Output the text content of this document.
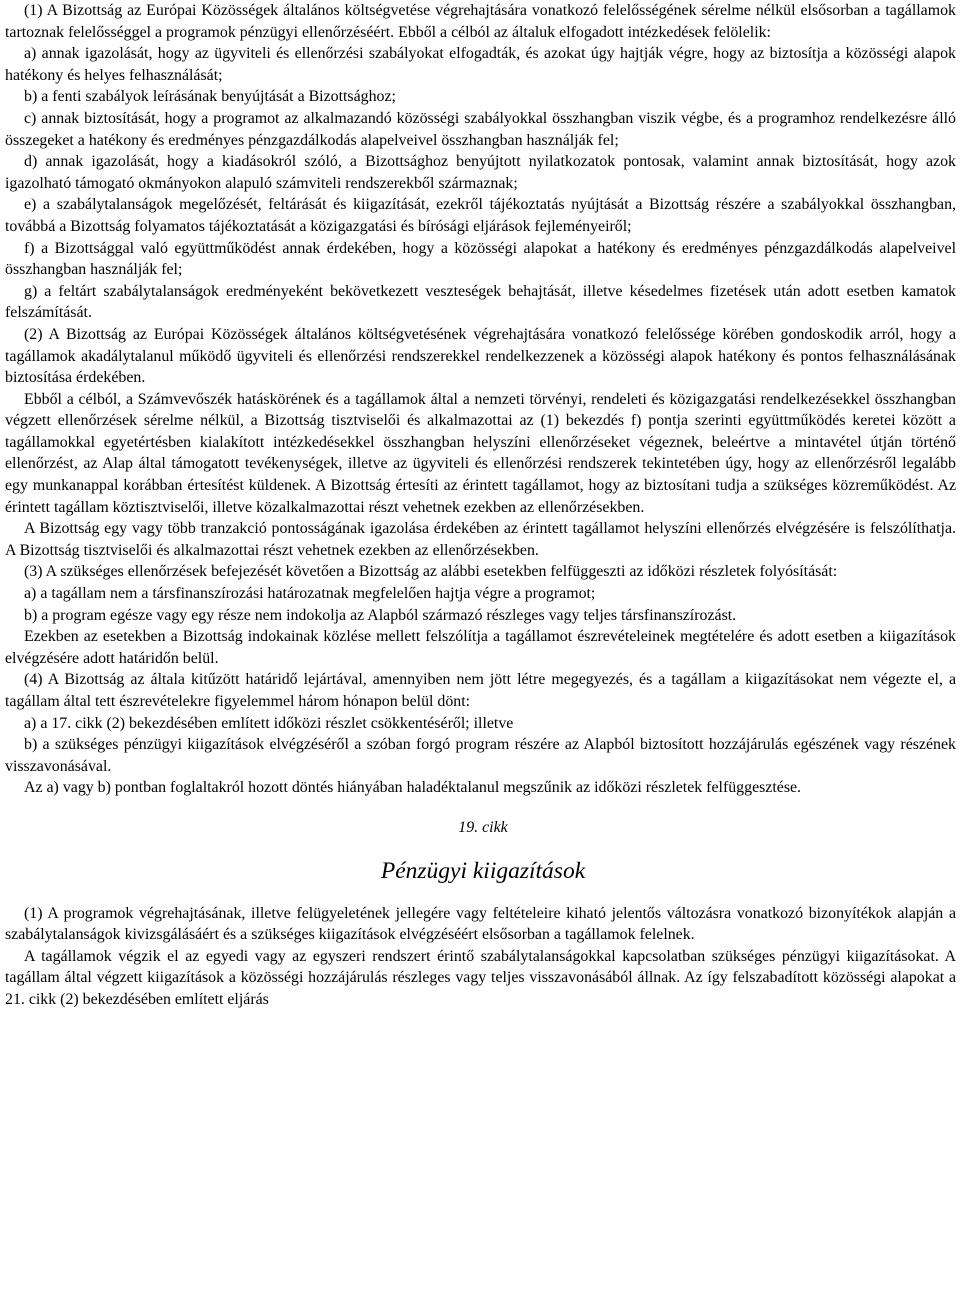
(1) A Bizottság az Európai Közösségek általános költségvetése végrehajtására vonatkozó felelősségének sérelme nélkül elsősorban a tagállamok tartoznak felelősséggel a programok pénzügyi ellenőrzéséért. Ebből a célból az általuk elfogadott intézkedések felölelik:

a) annak igazolását, hogy az ügyviteli és ellenőrzési szabályokat elfogadták, és azokat úgy hajtják végre, hogy az biztosítja a közösségi alapok hatékony és helyes felhasználását;

b) a fenti szabályok leírásának benyújtását a Bizottsághoz;

c) annak biztosítását, hogy a programot az alkalmazandó közösségi szabályokkal összhangban viszik végbe, és a programhoz rendelkezésre álló összegeket a hatékony és eredményes pénzgazdálkodás alapelveivel összhangban használják fel;

d) annak igazolását, hogy a kiadásokról szóló, a Bizottsághoz benyújtott nyilatkozatok pontosak, valamint annak biztosítását, hogy azok igazolható támogató okmányokon alapuló számviteli rendszerekből származnak;

e) a szabálytalanságok megelőzését, feltárását és kiigazítását, ezekről tájékoztatás nyújtását a Bizottság részére a szabályokkal összhangban, továbbá a Bizottság folyamatos tájékoztatását a közigazgatási és bírósági eljárások fejleményeiről;

f) a Bizottsággal való együttműködést annak érdekében, hogy a közösségi alapokat a hatékony és eredményes pénzgazdálkodás alapelveivel összhangban használják fel;

g) a feltárt szabálytalanságok eredményeként bekövetkezett veszteségek behajtását, illetve késedelmes fizetések után adott esetben kamatok felszámítását.

(2) A Bizottság az Európai Közösségek általános költségvetésének végrehajtására vonatkozó felelőssége körében gondoskodik arról, hogy a tagállamok akadálytalanul működő ügyviteli és ellenőrzési rendszerekkel rendelkezzenek a közösségi alapok hatékony és pontos felhasználásának biztosítása érdekében.

Ebből a célból, a Számvevőszék hatáskörének és a tagállamok által a nemzeti törvényi, rendeleti és közigazgatási rendelkezésekkel összhangban végzett ellenőrzések sérelme nélkül, a Bizottság tisztviselői és alkalmazottai az (1) bekezdés f) pontja szerinti együttműködés keretei között a tagállamokkal egyetértésben kialakított intézkedésekkel összhangban helyszíni ellenőrzéseket végeznek, beleértve a mintavétel útján történő ellenőrzést, az Alap által támogatott tevékenységek, illetve az ügyviteli és ellenőrzési rendszerek tekintetében úgy, hogy az ellenőrzésről legalább egy munkanappal korábban értesítést küldenek. A Bizottság értesíti az érintett tagállamot, hogy az biztosítani tudja a szükséges közreműködést. Az érintett tagállam köztisztviselői, illetve közalkalmazottai részt vehetnek ezekben az ellenőrzésekben.

A Bizottság egy vagy több tranzakció pontosságának igazolása érdekében az érintett tagállamot helyszíni ellenőrzés elvégzésére is felszólíthatja. A Bizottság tisztviselői és alkalmazottai részt vehetnek ezekben az ellenőrzésekben.

(3) A szükséges ellenőrzések befejezését követően a Bizottság az alábbi esetekben felfüggeszti az időközi részletek folyósítását:

a) a tagállam nem a társfinanszírozási határozatnak megfelelően hajtja végre a programot;

b) a program egésze vagy egy része nem indokolja az Alapból származó részleges vagy teljes társfinanszírozást.

Ezekben az esetekben a Bizottság indokainak közlése mellett felszólítja a tagállamot észrevételeinek megtételére és adott esetben a kiigazítások elvégzésére adott határidőn belül.

(4) A Bizottság az általa kitűzött határidő lejártával, amennyiben nem jött létre megegyezés, és a tagállam a kiigazításokat nem végezte el, a tagállam által tett észrevételekre figyelemmel három hónapon belül dönt:

a) a 17. cikk (2) bekezdésében említett időközi részlet csökkentéséről; illetve

b) a szükséges pénzügyi kiigazítások elvégzéséről a szóban forgó program részére az Alapból biztosított hozzájárulás egészének vagy részének visszavonásával.

Az a) vagy b) pontban foglaltakról hozott döntés hiányában haladéktalanul megszűnik az időközi részletek felfüggesztése.

19. cikk

Pénzügyi kiigazítások

(1) A programok végrehajtásának, illetve felügyeletének jellegére vagy feltételeire kiható jelentős változásra vonatkozó bizonyítékok alapján a szabálytalanságok kivizsgálásáért és a szükséges kiigazítások elvégzéséért elsősorban a tagállamok felelnek.

A tagállamok végzik el az egyedi vagy az egyszeri rendszert érintő szabálytalanságokkal kapcsolatban szükséges pénzügyi kiigazításokat. A tagállam által végzett kiigazítások a közösségi hozzájárulás részleges vagy teljes visszavonásából állnak. Az így felszabadított közösségi alapokat a 21. cikk (2) bekezdésében említett eljárás
